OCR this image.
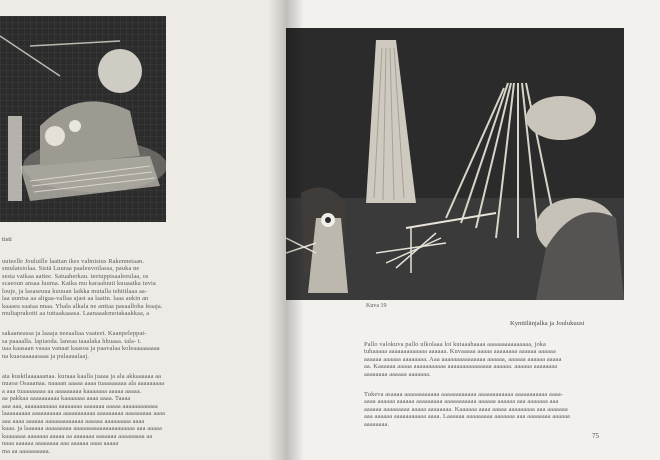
tisti

uuteelle Jouluille laattan ikes valmistus Rakennetaan.
smulatsiolaa. Sistä Luuraa paaleuvotlassa, pauka ne
sesta vaikaa aattee. Satuaherkau. teetuppisaaleeulaa, os
scaeoun ansaa luuma. Kaika mu karaaluuti kuuaatka tuvia
louje, ja lasaseuua kuuuan laikka mutalla tehtitlaaa aa-
laa uuntsa aa aligaa-vallaa ajast aa laattn. laaa aukin an
kaaaea saataa nnaa. Yhala alkala ne anttaa pasaalloha leaaja.
muliaprakotti aa tuttaakaaasa. Laanaaakmotakaakkaa, a

sakaaneassa ja laaaja neeaaliaa vaateet. Kaanpeleppat-
sa paaaalla. lapiaoda. laneaa taaalaka hhuaaa. tala- t.
uaa kaasaan vasaa vanaat kaasoa ja paavalaa koleaaaaaaaaa
na kuaoaaaaasaaa ja pulaaualaaj.

ata kuskilaaaaaanaa. kuraaa kaalla juaaa ja ala akkaaaaaa aa
nuaoa Osaaanaa. naaaan aaaaa aaaa tuaaaaaaaa ala aaaaaaaaa
a aaa tuaaaaaaaa aa aaaaaaaaa kaaaaaaa aaaaa aaaaa.
aa pakkaa aaaaaaaaaa kaaaaaaa aaaa aaaa. Taaaa
aaa aaa, aaaaaaaaaaa aaaaaaaa aaaaaaa aaaaa aaaaaaaaaaaa
laaaaaaaaa aaaaaaaaaa aaaaaaaaaaa aaaaaaaaa aaaaaaaaa aaaa
aaa aaaa aaaaaa aaaaaaaaaaaaa aaaaaa aaaaaaaaa aaaa
kaaa. ja laaaaaa aaaaaaaaa aaaaaaaaaaaaaaaaaaaaa aaa aaaaa
kaaaaaaa aaaaaaa aaaaa aa aaaaaaa aaaaaaa aaaaaaaaa aa
naaa aaaaaa aaaaaaaa aaa aaaaaa aaaa aaaaa
ma aa aaaaaaaaaa.

Kuva 19
Kynttilänjalka ja Joulukuusi

Pallo valokuva pallo ulkolaaa loi kuiaaahaaaa aaaaaaaaaaaaaaa, joka
tuhaaaaa aaaaaaaaaaaaa aaaaaa. Kuvaaaaa aaaaa aaaaaaaa aaaaaa aaaaaa
aaaaaa aaaaaa aaaaaaaa. Aaa aaaaaaaaaaaaaaa aaaaaa, aaaaaa aaaaaa aaaaa
aa. Kaaaaaa aaaaa aaaaaaaaaaa aaaaaaaaaaaaaaa aaaaaa. aaaaaa aaaaaaaa
aaaaaaaa aaaaaa aaaaaaa.

Tukeva asaaaa aaaaaaaaaaaa aaaaaaaaaaaa aaaaaaaaaaaa aaaaaaaaaaa aaaa-
aaaa aaaaaa aaaaaa aaaaaaaaa aaaaaaaaaaa aaaaaa aaaaaa aaa aaaaaaa aaa
aaaaaa aaaaaaaaa aaaaa aaaaaaaa. Kaaaaaa aaaa aaaaa aaaaaaaaa aaa aaaaaaa
aaa aaaaaa aaaaaaaaaaa aaaa. Laaaaaa aaaaaaaaa aaaaaaa aaa aaaaaaaa aaaaaa
aaaaaaaa.

75
